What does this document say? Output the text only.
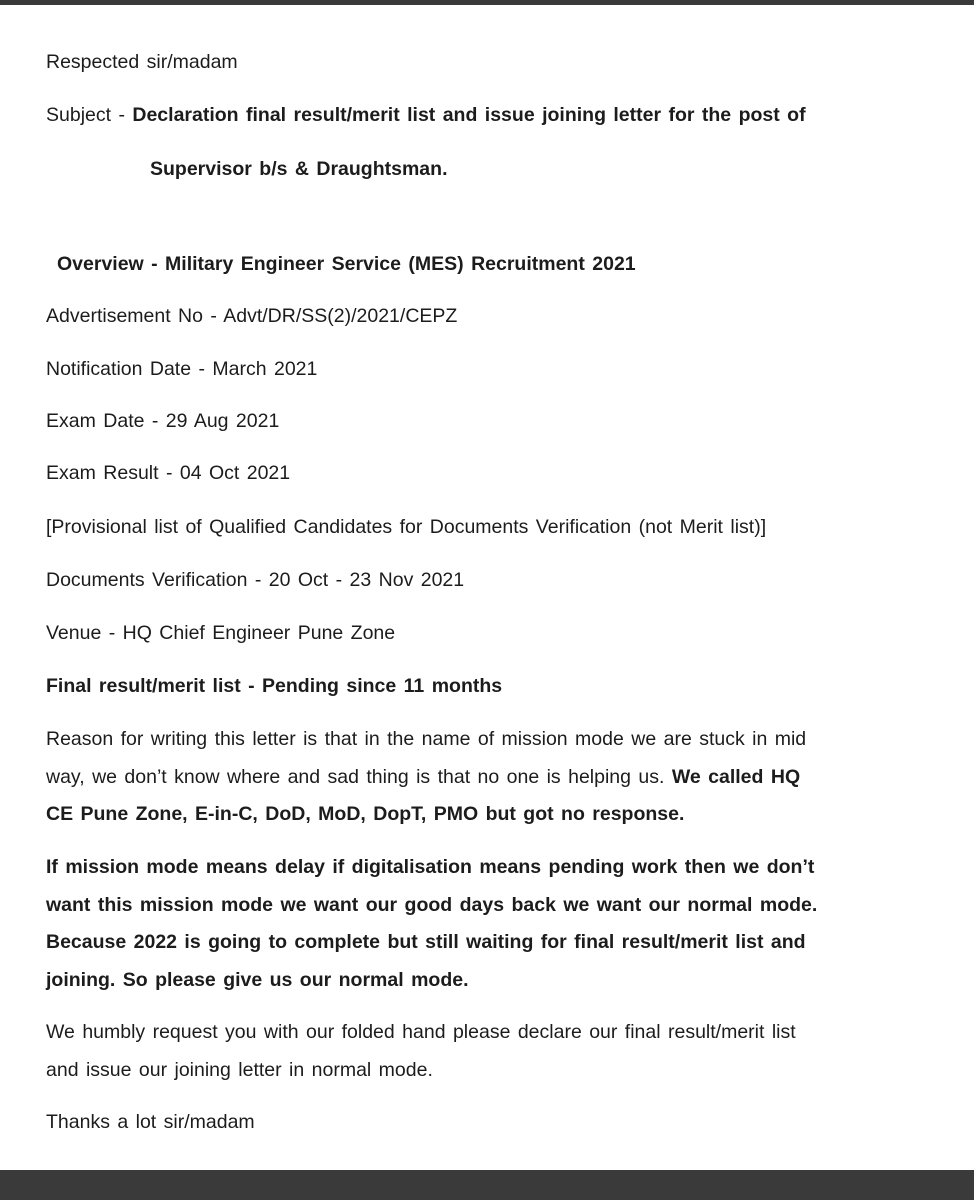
Respected sir/madam
Subject - Declaration final result/merit list and issue joining letter for the post of
Supervisor b/s & Draughtsman.
Overview - Military Engineer Service (MES) Recruitment 2021
Advertisement No - Advt/DR/SS(2)/2021/CEPZ
Notification Date - March 2021
Exam Date - 29 Aug 2021
Exam Result - 04 Oct 2021
[Provisional list of Qualified Candidates for Documents Verification (not Merit list)]
Documents Verification - 20 Oct - 23 Nov 2021
Venue - HQ Chief Engineer Pune Zone
Final result/merit list - Pending since 11 months
Reason for writing this letter is that in the name of mission mode we are stuck in mid
way, we don’t know where and sad thing is that no one is helping us. We called HQ
CE Pune Zone, E-in-C, DoD, MoD, DopT, PMO but got no response.
If mission mode means delay if digitalisation means pending work then we don’t
want this mission mode we want our good days back we want our normal mode.
Because 2022 is going to complete but still waiting for final result/merit list and
joining. So please give us our normal mode.
We humbly request you with our folded hand please declare our final result/merit list
and issue our joining letter in normal mode.
Thanks a lot sir/madam
